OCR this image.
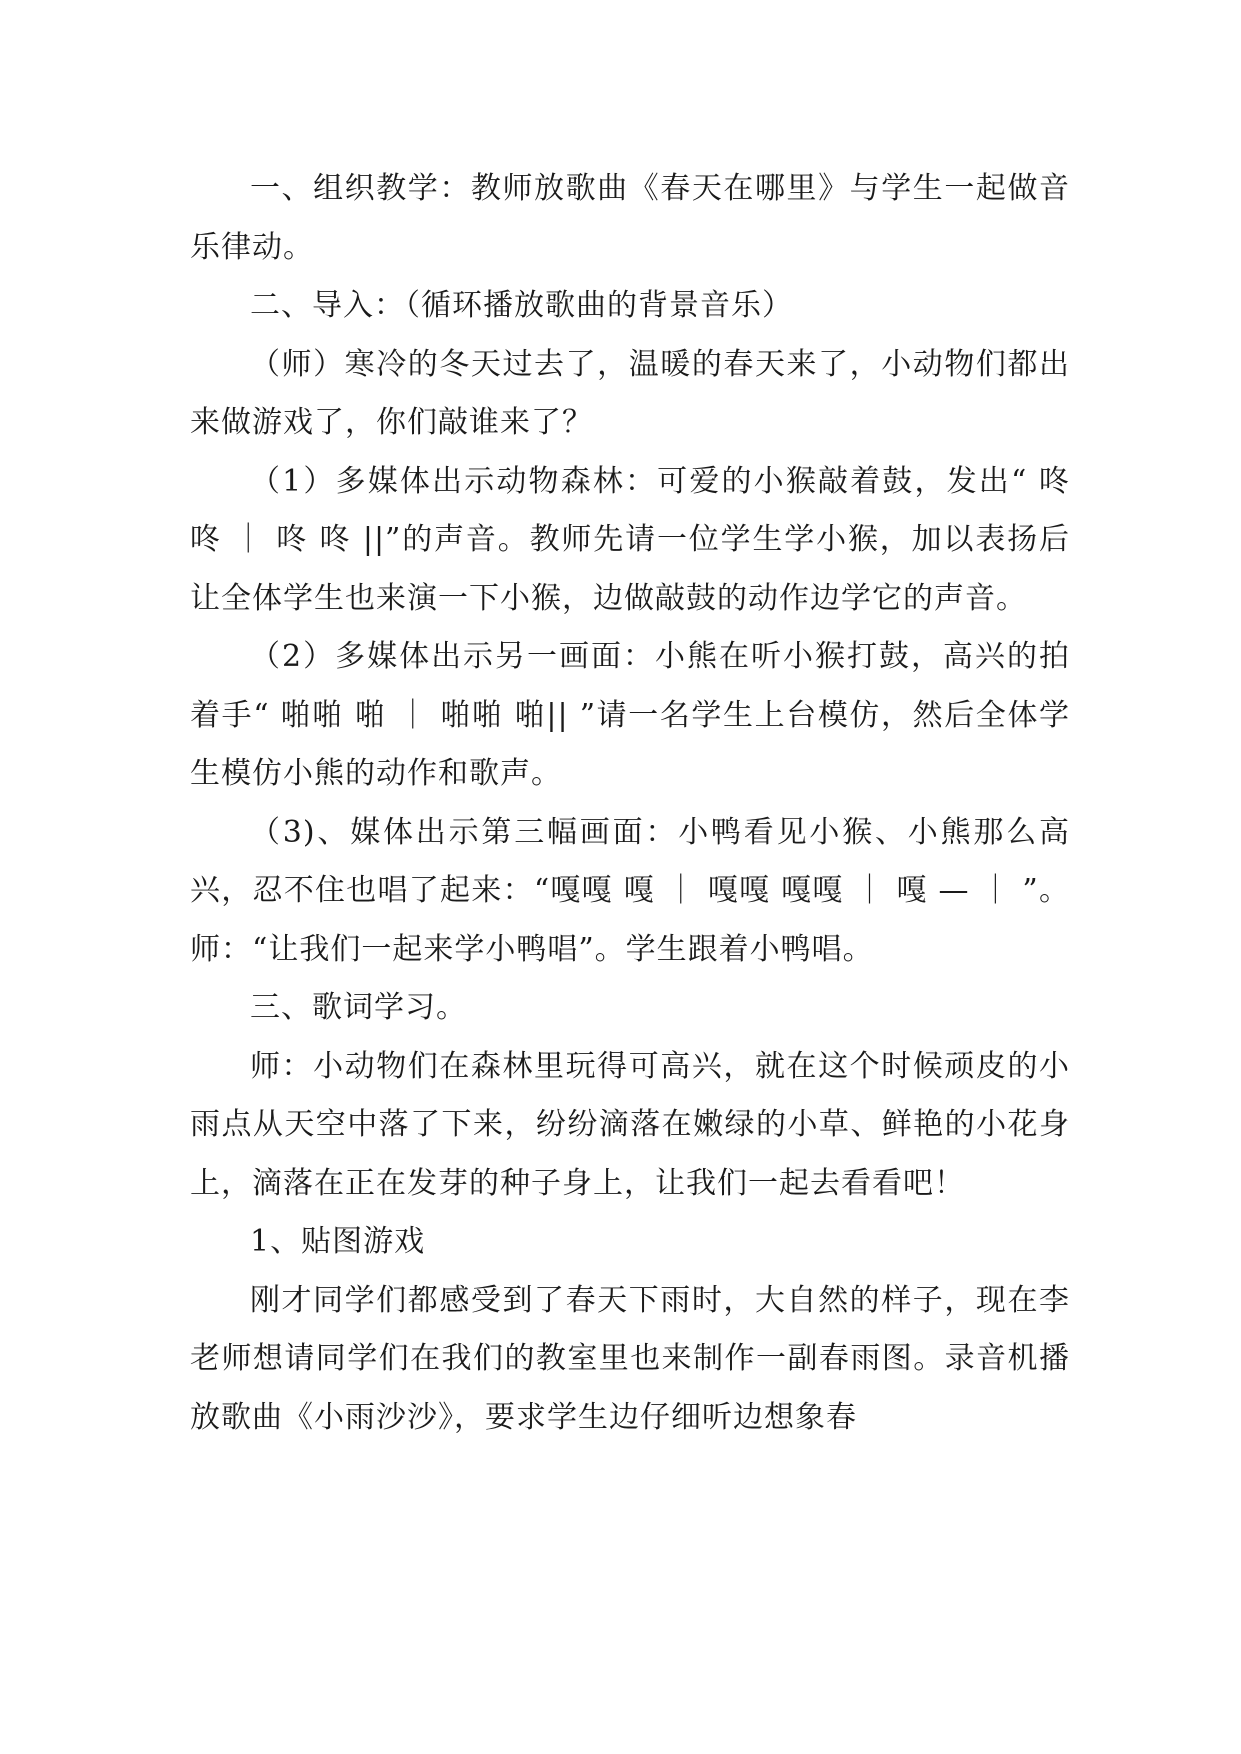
一、组织教学：教师放歌曲《春天在哪里》与学生一起做音乐律动。

二、导入：（循环播放歌曲的背景音乐）

（师）寒冷的冬天过去了，温暖的春天来了，小动物们都出来做游戏了，你们敲谁来了？

（1）多媒体出示动物森林：可爱的小猴敲着鼓，发出“ 咚 咚 ｜ 咚 咚 ||”的声音。教师先请一位学生学小猴，加以表扬后让全体学生也来演一下小猴，边做敲鼓的动作边学它的声音。

（2）多媒体出示另一画面：小熊在听小猴打鼓，高兴的拍着手“ 啪啪 啪 ｜ 啪啪 啪|| ”请一名学生上台模仿，然后全体学生模仿小熊的动作和歌声。

（3)、媒体出示第三幅画面：小鸭看见小猴、小熊那么高兴，忍不住也唱了起来：“嘎嘎 嘎 ｜ 嘎嘎 嘎嘎 ｜ 嘎 — ｜ ”。师：“让我们一起来学小鸭唱”。学生跟着小鸭唱。

三、歌词学习。

师：小动物们在森林里玩得可高兴，就在这个时候顽皮的小雨点从天空中落了下来，纷纷滴落在嫩绿的小草、鲜艳的小花身上，滴落在正在发芽的种子身上，让我们一起去看看吧！

1、贴图游戏

刚才同学们都感受到了春天下雨时，大自然的样子，现在李老师想请同学们在我们的教室里也来制作一副春雨图。录音机播放歌曲《小雨沙沙》，要求学生边仔细听边想象春
